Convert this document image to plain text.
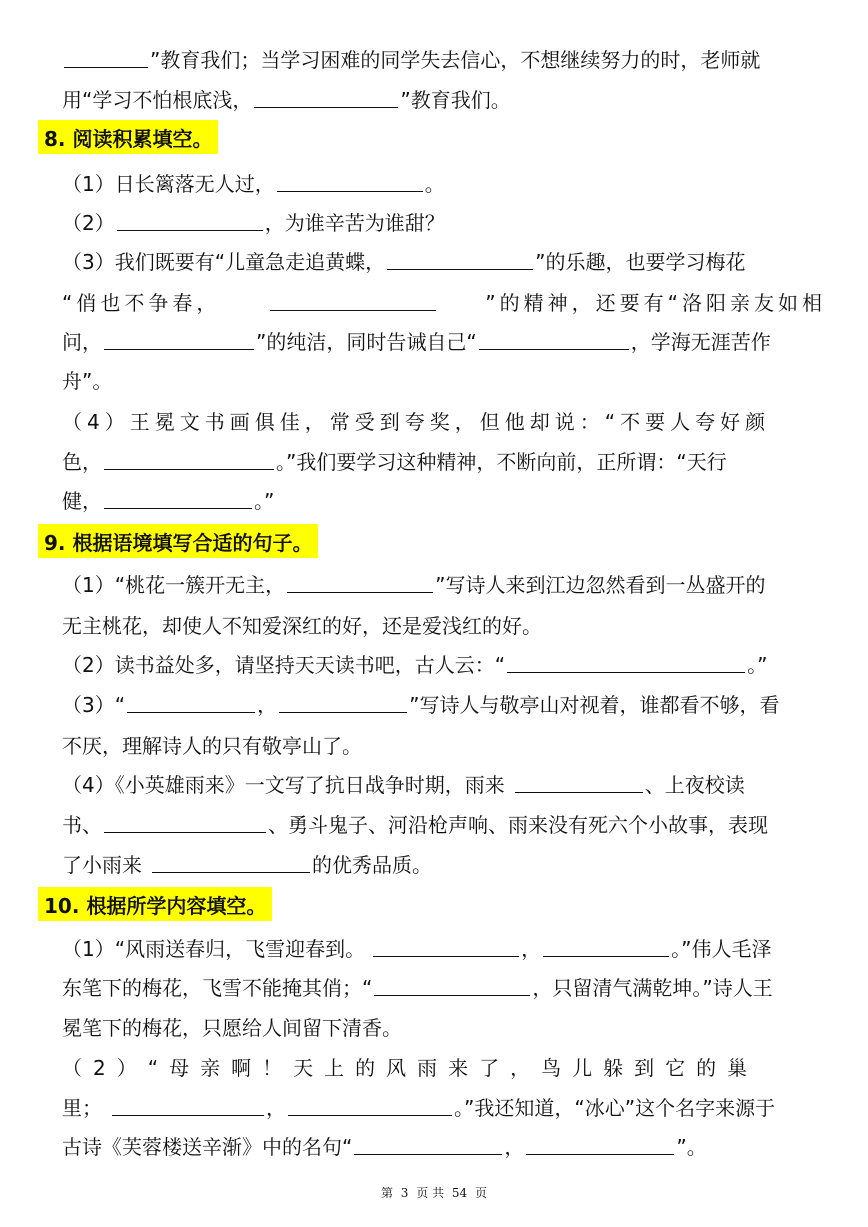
”教育我们；当学习困难的同学失去信心，不想继续努力的时，老师就
用“学习不怕根底浅，	”教育我们。
8. 阅读积累填空。
（1）日长篱落无人过，	。
（2）	，为谁辛苦为谁甜？
（3）我们既要有“儿童急走追黄蝶，	”的乐趣，也要学习梅花
“俏也不争春，	”的精神，还要有“洛阳亲友如相
问，	”的纯洁，同时告诫自己“	，学海无涯苦作
舟”。
（4）王冕文书画俱佳，常受到夸奖，但他却说：“不要人夸好颜
色，	。”我们要学习这种精神，不断向前，正所谓：“天行
健，	。”
9. 根据语境填写合适的句子。
（1）“桃花一簇开无主，	”写诗人来到江边忽然看到一丛盛开的
无主桃花，却使人不知爱深红的好，还是爱浅红的好。
（2）读书益处多，请坚持天天读书吧，古人云：“	。”
（3）“	，	”写诗人与敬亭山对视着，谁都看不够，看
不厌，理解诗人的只有敬亭山了。
（4）《小英雄雨来》一文写了抗日战争时期，雨来	、上夜校读
书、	、勇斗鬼子、河沿枪声响、雨来没有死六个小故事，表现
了小雨来	的优秀品质。
10. 根据所学内容填空。
（1）“风雨送春归，飞雪迎春到。	，	。”伟人毛泽
东笔下的梅花，飞雪不能掩其俏；“	，只留清气满乾坤。”诗人王
冕笔下的梅花，只愿给人间留下清香。
（2）“母亲啊！天上的风雨来了，鸟儿躲到它的巢
里；	，	。”我还知道，“冰心”这个名字来源于
古诗《芙蓉楼送辛渐》中的名句“	，	”。
第 3 页 共 54 页
